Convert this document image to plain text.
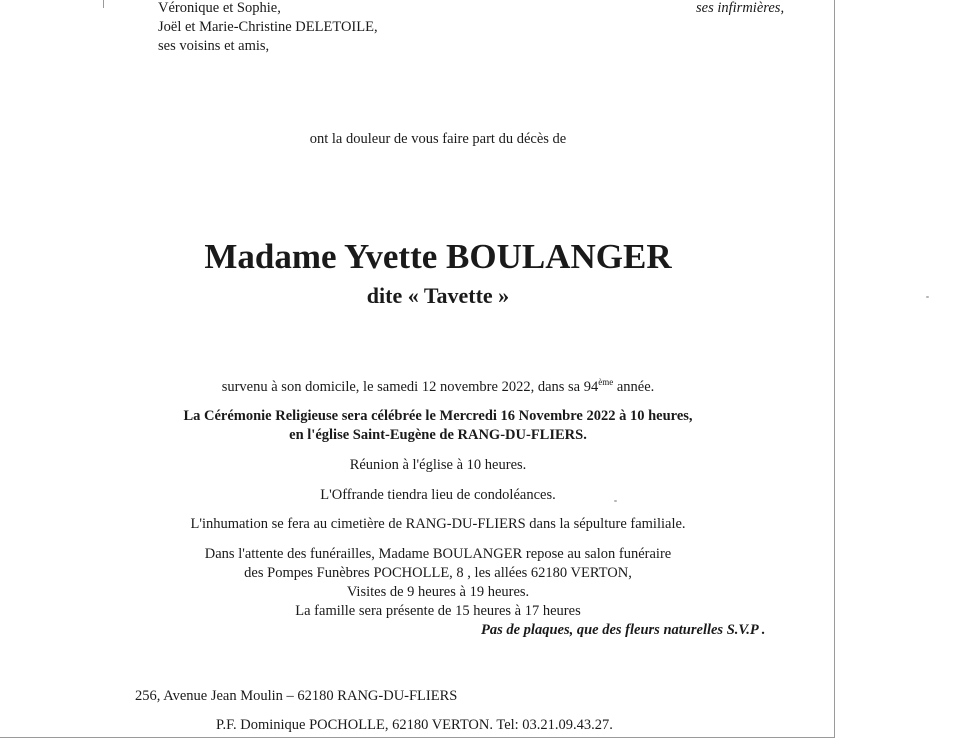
Véronique et Sophie,
Joël et Marie-Christine DELETOILE,
ses voisins et amis,
ses infirmières,
ont la douleur de vous faire part du décès de
Madame Yvette BOULANGER
dite « Tavette »
survenu à son domicile, le samedi 12 novembre 2022, dans sa 94ème année.
La Cérémonie Religieuse sera célébrée le Mercredi 16 Novembre 2022 à 10 heures,
en l'église Saint-Eugène de RANG-DU-FLIERS.
Réunion à l'église à 10 heures.
L'Offrande tiendra lieu de condoléances.
L'inhumation se fera au cimetière de RANG-DU-FLIERS dans la sépulture familiale.
Dans l'attente des funérailles, Madame BOULANGER repose au salon funéraire
des Pompes Funèbres POCHOLLE, 8 , les allées 62180 VERTON,
Visites de 9 heures à 19 heures.
La famille sera présente de 15 heures à 17 heures
Pas de plaques, que des fleurs naturelles S.V.P .
256, Avenue Jean Moulin – 62180 RANG-DU-FLIERS
P.F. Dominique POCHOLLE, 62180 VERTON. Tel: 03.21.09.43.27.
